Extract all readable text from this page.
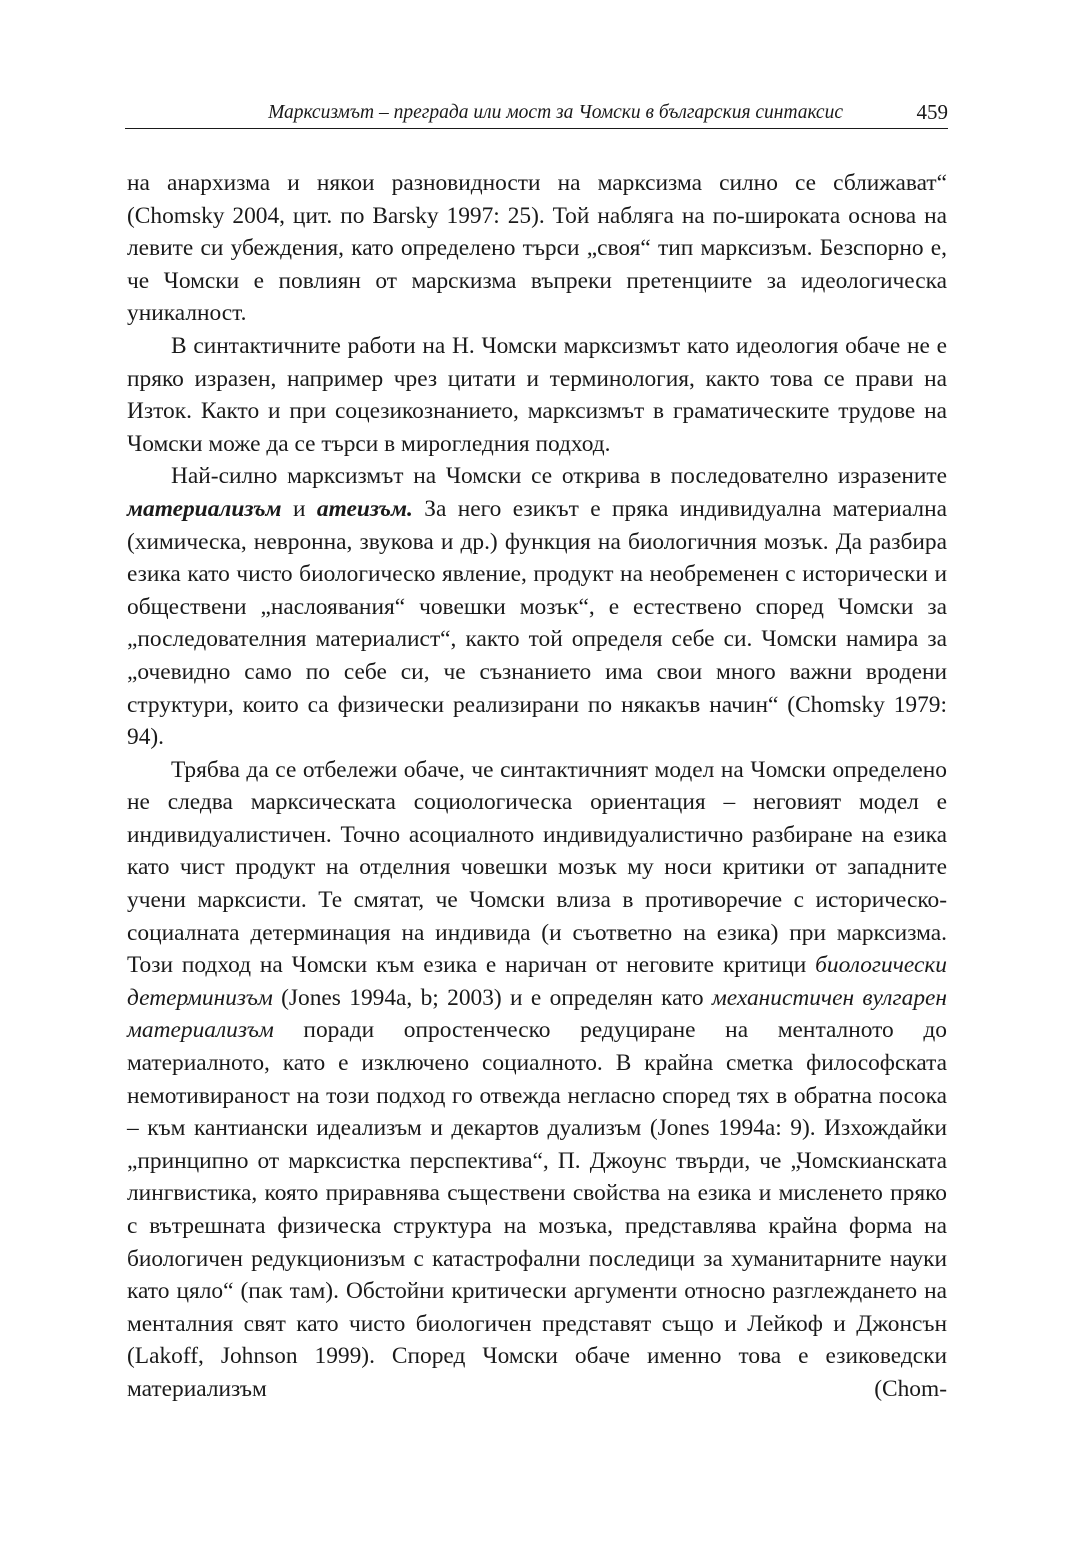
Марксизмът – преграда или мост за Чомски в българския синтаксис	459

на анархизма и някои разновидности на марксизма силно се сближават“ (Chomsky 2004, цит. по Barsky 1997: 25). Той набляга на по-широката основа на левите си убеждения, като определено търси „своя“ тип марксизъм. Безспорно е, че Чомски е повлиян от марскизма въпреки претенциите за идеологическа уникалност.

В синтактичните работи на Н. Чомски марксизмът като идеология обаче не е пряко изразен, например чрез цитати и терминология, както това се прави на Изток. Както и при соцезикознанието, марксизмът в граматическите трудове на Чомски може да се търси в мирогледния подход.

Най-силно марксизмът на Чомски се открива в последователно изразените материализъм и атеизъм. За него езикът е пряка индивидуална материална (химическа, невронна, звукова и др.) функция на биологичния мозък. Да разбира езика като чисто биологическо явление, продукт на необременен с исторически и обществени „наслоявания“ човешки мозък“, е естествено според Чомски за „последователния материалист“, както той определя себе си. Чомски намира за „очевидно само по себе си, че съзнанието има свои много важни вродени структури, които са физически реализирани по някакъв начин“ (Chomsky 1979: 94).

Трябва да се отбележи обаче, че синтактичният модел на Чомски определено не следва марксическата социологическа ориентация – неговият модел е индивидуалистичен. Точно асоциалното индивидуалистично разбиране на езика като чист продукт на отделния човешки мозък му носи критики от западните учени марксисти. Те смятат, че Чомски влиза в противоречие с историческо-социалната детерминация на индивида (и съответно на езика) при марксизма. Този подход на Чомски към езика е наричан от неговите критици биологически детерминизъм (Jones 1994a, b; 2003) и е определян като механистичен вулгарен материализъм поради опростенческо редуциране на менталното до материалното, като е изключено социалното. В крайна сметка философската немотивираност на този подход го отвежда негласно според тях в обратна посока – към кантиански идеализъм и декартов дуализъм (Jones 1994a: 9). Изхождайки „принципно от марксистка перспектива“, П. Джоунс твърди, че „Чомскианската лингвистика, която приравнява съществени свойства на езика и мисленето пряко с вътрешната физическа структура на мозъка, представлява крайна форма на биологичен редукционизъм с катастрофални последици за хуманитарните науки като цяло“ (пак там). Обстойни критически аргументи относно разглеждането на менталния свят като чисто биологичен представят също и Лейкоф и Джонсън (Lakoff, Johnson 1999). Според Чомски обаче именно това е езиковедски материализъм (Chom-
